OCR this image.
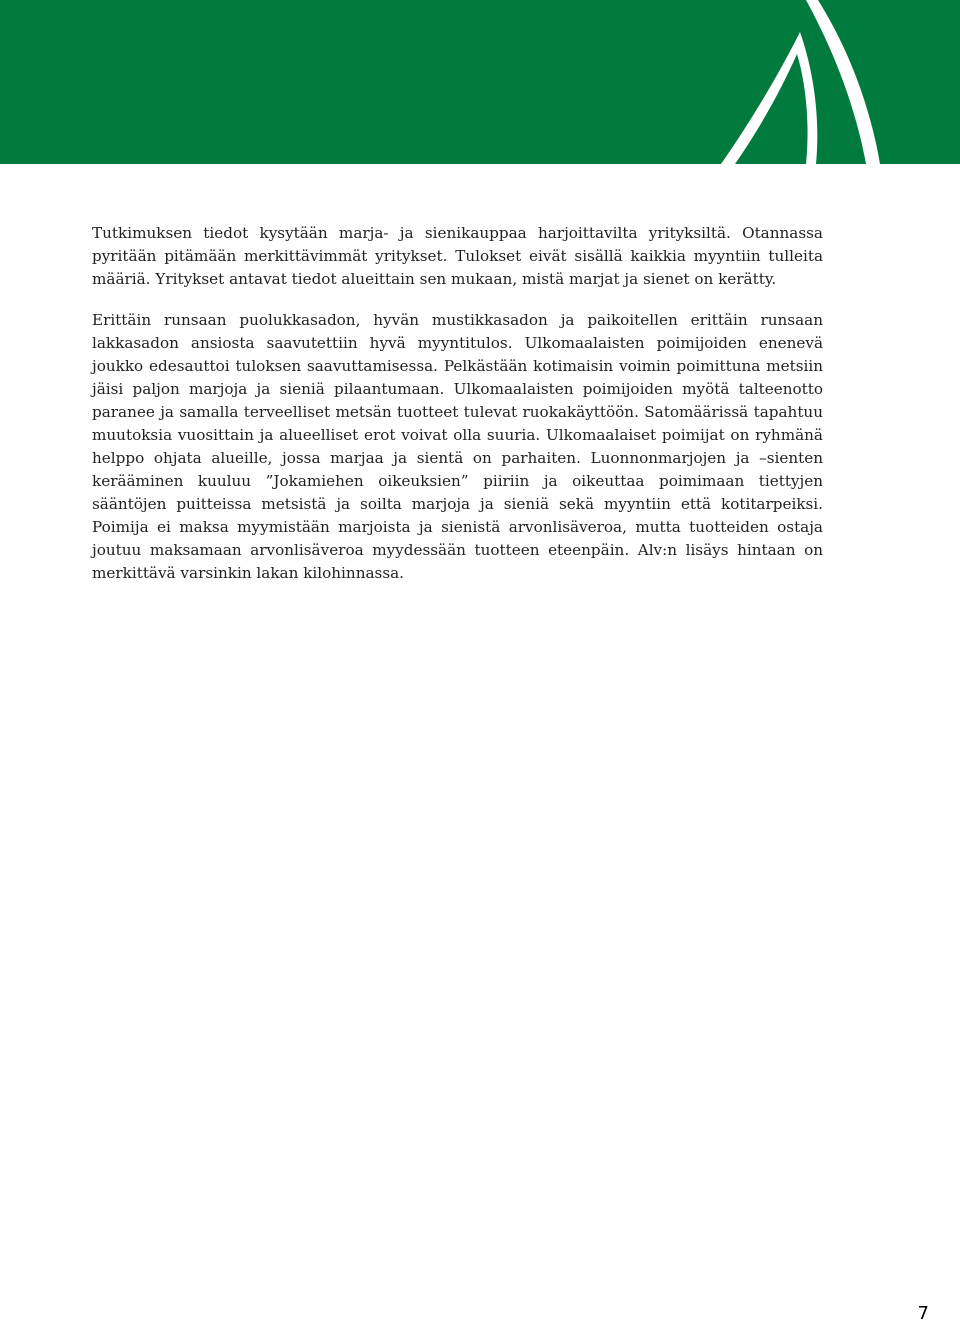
Tutkimuksen tiedot kysytään marja- ja sienikauppaa harjoittavilta yrityksiltä. Otannassa pyritään pitämään merkittävimmät yritykset. Tulokset eivät sisällä kaikkia myyntiin tulleita määriä. Yritykset antavat tiedot alueittain sen mukaan, mistä marjat ja sienet on kerätty.

Erittäin runsaan puolukkasadon, hyvän mustikkasadon ja paikoitellen erittäin runsaan lakkasadon ansiosta saavutettiin hyvä myyntitulos. Ulkomaalaisten poimijoiden enenevä joukko edesauttoi tuloksen saavuttamisessa. Pelkästään kotimaisin voimin poimittuna metsiin jäisi paljon marjoja ja sieniä pilaantumaan. Ulkomaalaisten poimijoiden myötä talteenotto paranee ja samalla terveelliset metsän tuotteet tulevat ruokakäyttöön. Satomäärissä tapahtuu muutoksia vuosittain ja alueelliset erot voivat olla suuria. Ulkomaalaiset poimijat on ryhmänä helppo ohjata alueille, jossa marjaa ja sientä on parhaiten. Luonnonmarjojen ja –sienten kerääminen kuuluu ”Jokamiehen oikeuksien” piiriin ja oikeuttaa poimimaan tiettyjen sääntöjen puitteissa metsistä ja soilta marjoja ja sieniä sekä myyntiin että kotitarpeiksi. Poimija ei maksa myymistään marjoista ja sienistä arvonlisäveroa, mutta tuotteiden ostaja joutuu maksamaan arvonlisäveroa myydessään tuotteen eteenpäin. Alv:n lisäys hintaan on merkittävä varsinkin lakan kilohinnassa.

7
